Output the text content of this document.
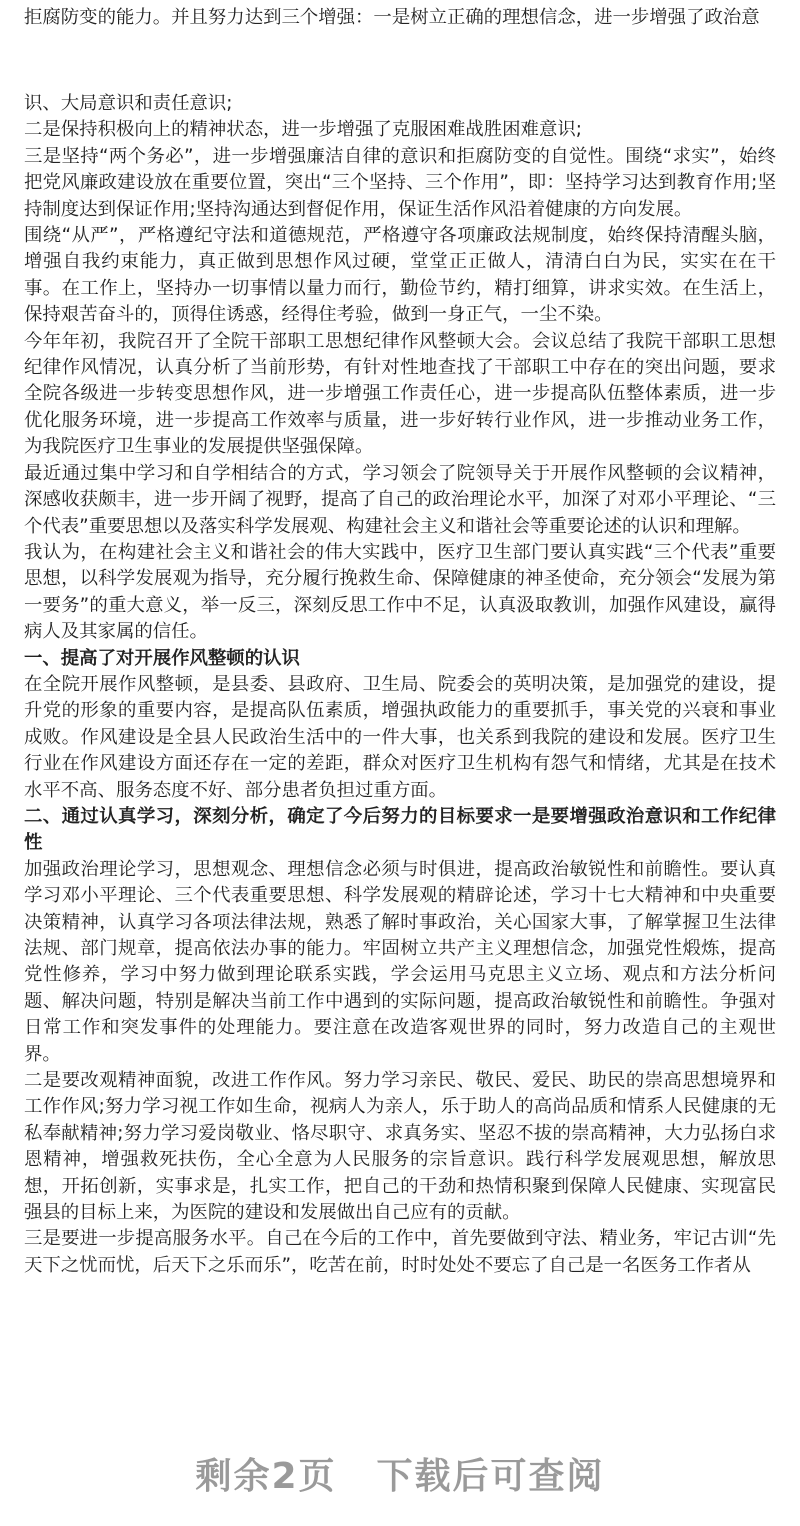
拒腐防变的能力。并且努力达到三个增强：一是树立正确的理想信念，进一步增强了政治意

识、大局意识和责任意识;

二是保持积极向上的精神状态，进一步增强了克服困难战胜困难意识;

三是坚持“两个务必”，进一步增强廉洁自律的意识和拒腐防变的自觉性。围绕“求实”，始终把党风廉政建设放在重要位置，突出“三个坚持、三个作用”，即：坚持学习达到教育作用;坚持制度达到保证作用;坚持沟通达到督促作用，保证生活作风沿着健康的方向发展。

围绕“从严”，严格遵纪守法和道德规范，严格遵守各项廉政法规制度，始终保持清醒头脑，增强自我约束能力，真正做到思想作风过硬，堂堂正正做人，清清白白为民，实实在在干事。在工作上，坚持办一切事情以量力而行，勤俭节约，精打细算，讲求实效。在生活上，保持艰苦奋斗的，顶得住诱惑，经得住考验，做到一身正气，一尘不染。

今年年初，我院召开了全院干部职工思想纪律作风整顿大会。会议总结了我院干部职工思想纪律作风情况，认真分析了当前形势，有针对性地查找了干部职工中存在的突出问题，要求全院各级进一步转变思想作风，进一步增强工作责任心，进一步提高队伍整体素质，进一步优化服务环境，进一步提高工作效率与质量，进一步好转行业作风，进一步推动业务工作，为我院医疗卫生事业的发展提供坚强保障。

最近通过集中学习和自学相结合的方式，学习领会了院领导关于开展作风整顿的会议精神，深感收获颇丰，进一步开阔了视野，提高了自己的政治理论水平，加深了对邓小平理论、“三个代表”重要思想以及落实科学发展观、构建社会主义和谐社会等重要论述的认识和理解。

我认为，在构建社会主义和谐社会的伟大实践中，医疗卫生部门要认真实践“三个代表”重要思想，以科学发展观为指导，充分履行挽救生命、保障健康的神圣使命，充分领会“发展为第一要务”的重大意义，举一反三，深刻反思工作中不足，认真汲取教训，加强作风建设，赢得病人及其家属的信任。

一、提高了对开展作风整顿的认识

在全院开展作风整顿，是县委、县政府、卫生局、院委会的英明决策，是加强党的建设，提升党的形象的重要内容，是提高队伍素质，增强执政能力的重要抓手，事关党的兴衰和事业成败。作风建设是全县人民政治生活中的一件大事，也关系到我院的建设和发展。医疗卫生行业在作风建设方面还存在一定的差距，群众对医疗卫生机构有怨气和情绪，尤其是在技术水平不高、服务态度不好、部分患者负担过重方面。

二、通过认真学习，深刻分析，确定了今后努力的目标要求一是要增强政治意识和工作纪律性

加强政治理论学习，思想观念、理想信念必须与时俱进，提高政治敏锐性和前瞻性。要认真学习邓小平理论、三个代表重要思想、科学发展观的精辟论述，学习十七大精神和中央重要决策精神，认真学习各项法律法规，熟悉了解时事政治，关心国家大事，了解掌握卫生法律法规、部门规章，提高依法办事的能力。牢固树立共产主义理想信念，加强党性煅炼，提高党性修养，学习中努力做到理论联系实践，学会运用马克思主义立场、观点和方法分析问题、解决问题，特别是解决当前工作中遇到的实际问题，提高政治敏锐性和前瞻性。争强对日常工作和突发事件的处理能力。要注意在改造客观世界的同时，努力改造自己的主观世界。

二是要改观精神面貌，改进工作作风。努力学习亲民、敬民、爱民、助民的崇高思想境界和工作作风;努力学习视工作如生命，视病人为亲人，乐于助人的高尚品质和情系人民健康的无私奉献精神;努力学习爱岗敬业、恪尽职守、求真务实、坚忍不拔的崇高精神，大力弘扬白求恩精神，增强救死扶伤，全心全意为人民服务的宗旨意识。践行科学发展观思想，解放思想，开拓创新，实事求是，扎实工作，把自己的干劲和热情积聚到保障人民健康、实现富民强县的目标上来，为医院的建设和发展做出自己应有的贡献。

三是要进一步提高服务水平。自己在今后的工作中，首先要做到守法、精业务，牢记古训“先天下之忧而忧，后天下之乐而乐”，吃苦在前，时时处处不要忘了自己是一名医务工作者从

剩余2页 下载后可查阅
